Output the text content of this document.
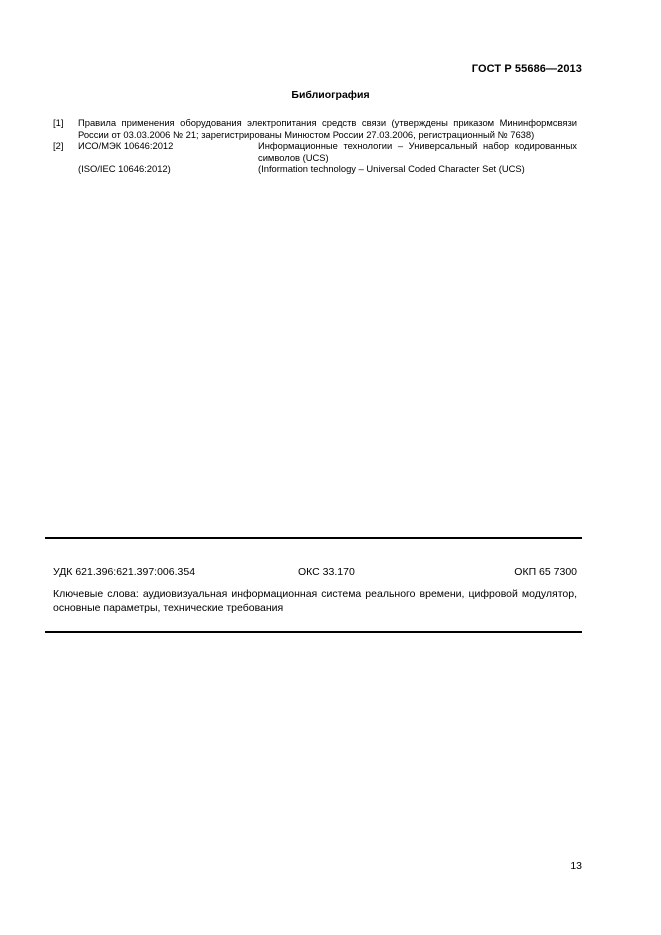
ГОСТ Р 55686—2013
Библиография
[1]	Правила применения оборудования электропитания средств связи (утверждены приказом Мининформсвязи России от 03.03.2006 № 21; зарегистрированы Минюстом России 27.03.2006, регистрационный № 7638)
[2]	ИСО/МЭК 10646:2012	Информационные технологии – Универсальный набор кодированных символов (UCS)
(ISO/IEC 10646:2012)	(Information technology – Universal Coded Character Set (UCS)
УДК 621.396:621.397:006.354	ОКС 33.170	ОКП 65 7300
Ключевые слова: аудиовизуальная информационная система реального времени, цифровой модулятор, основные параметры, технические требования
13
